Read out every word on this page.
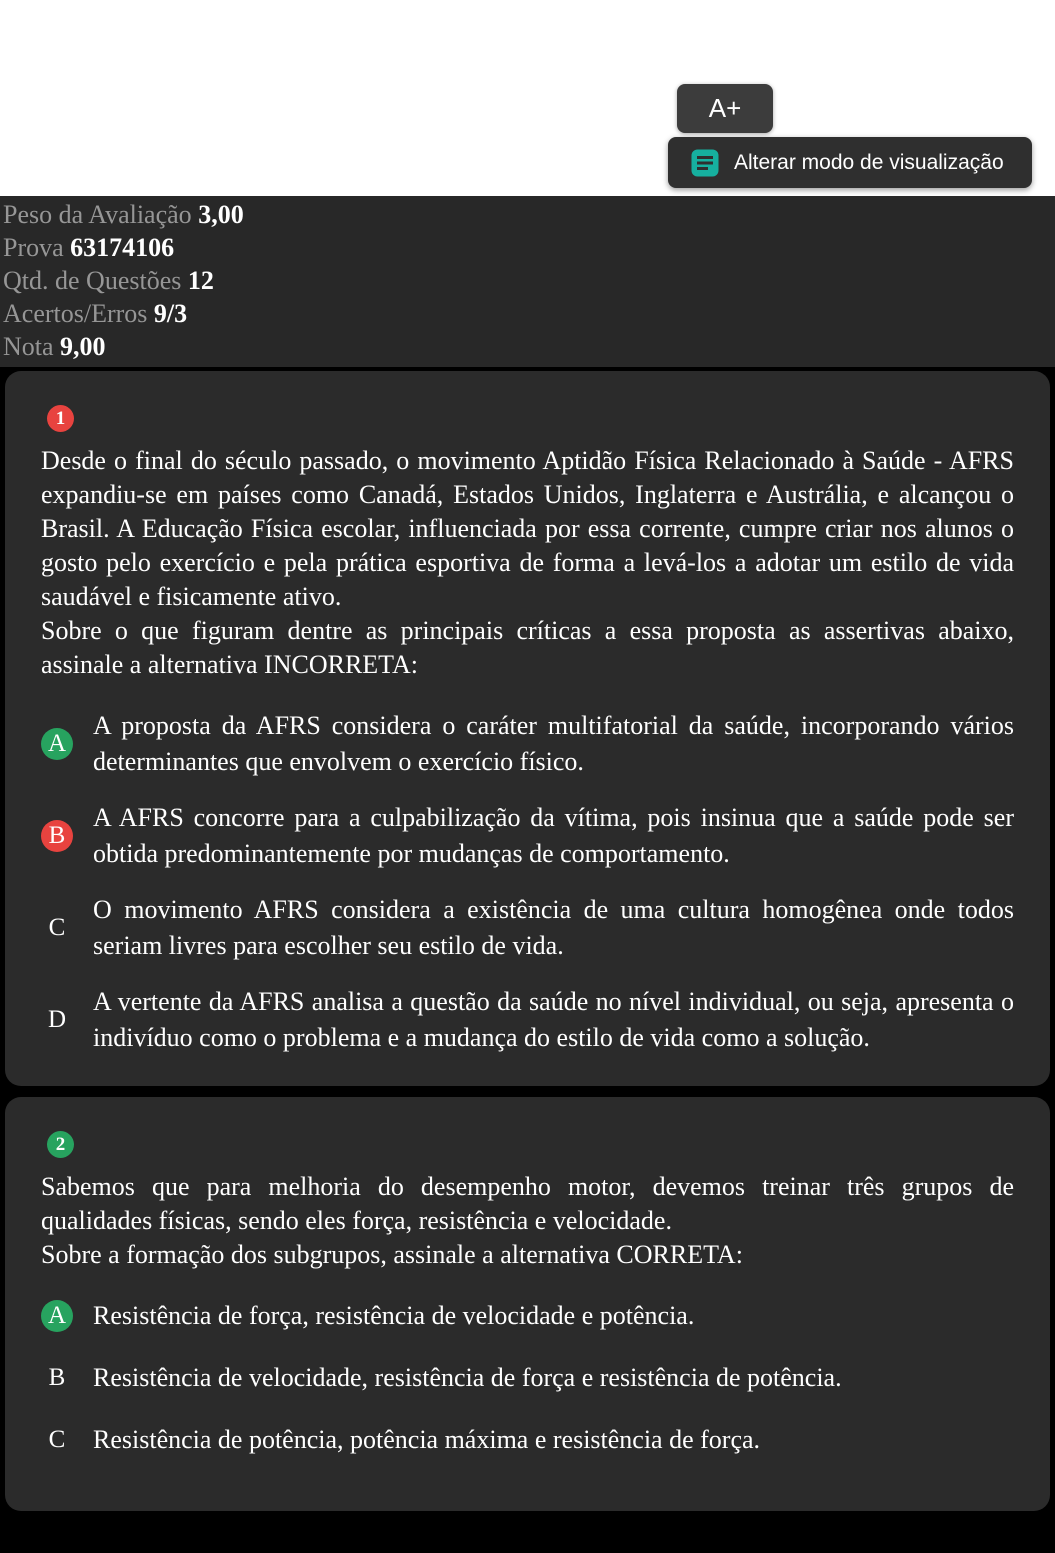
A+
Alterar modo de visualização
Peso da Avaliação 3,00
Prova 63174106
Qtd. de Questões 12
Acertos/Erros 9/3
Nota 9,00
1

Desde o final do século passado, o movimento Aptidão Física Relacionado à Saúde - AFRS expandiu-se em países como Canadá, Estados Unidos, Inglaterra e Austrália, e alcançou o Brasil. A Educação Física escolar, influenciada por essa corrente, cumpre criar nos alunos o gosto pelo exercício e pela prática esportiva de forma a levá-los a adotar um estilo de vida saudável e fisicamente ativo.

Sobre o que figuram dentre as principais críticas a essa proposta as assertivas abaixo, assinale a alternativa INCORRETA:

A
A proposta da AFRS considera o caráter multifatorial da saúde, incorporando vários determinantes que envolvem o exercício físico.
B
A AFRS concorre para a culpabilização da vítima, pois insinua que a saúde pode ser obtida predominantemente por mudanças de comportamento.
C
O movimento AFRS considera a existência de uma cultura homogênea onde todos seriam livres para escolher seu estilo de vida.
D
A vertente da AFRS analisa a questão da saúde no nível individual, ou seja, apresenta o indivíduo como o problema e a mudança do estilo de vida como a solução.
2

Sabemos que para melhoria do desempenho motor, devemos treinar três grupos de qualidades físicas, sendo eles força, resistência e velocidade.

Sobre a formação dos subgrupos, assinale a alternativa CORRETA:

A Resistência de força, resistência de velocidade e potência.
B Resistência de velocidade, resistência de força e resistência de potência.
C Resistência de potência, potência máxima e resistência de força.
